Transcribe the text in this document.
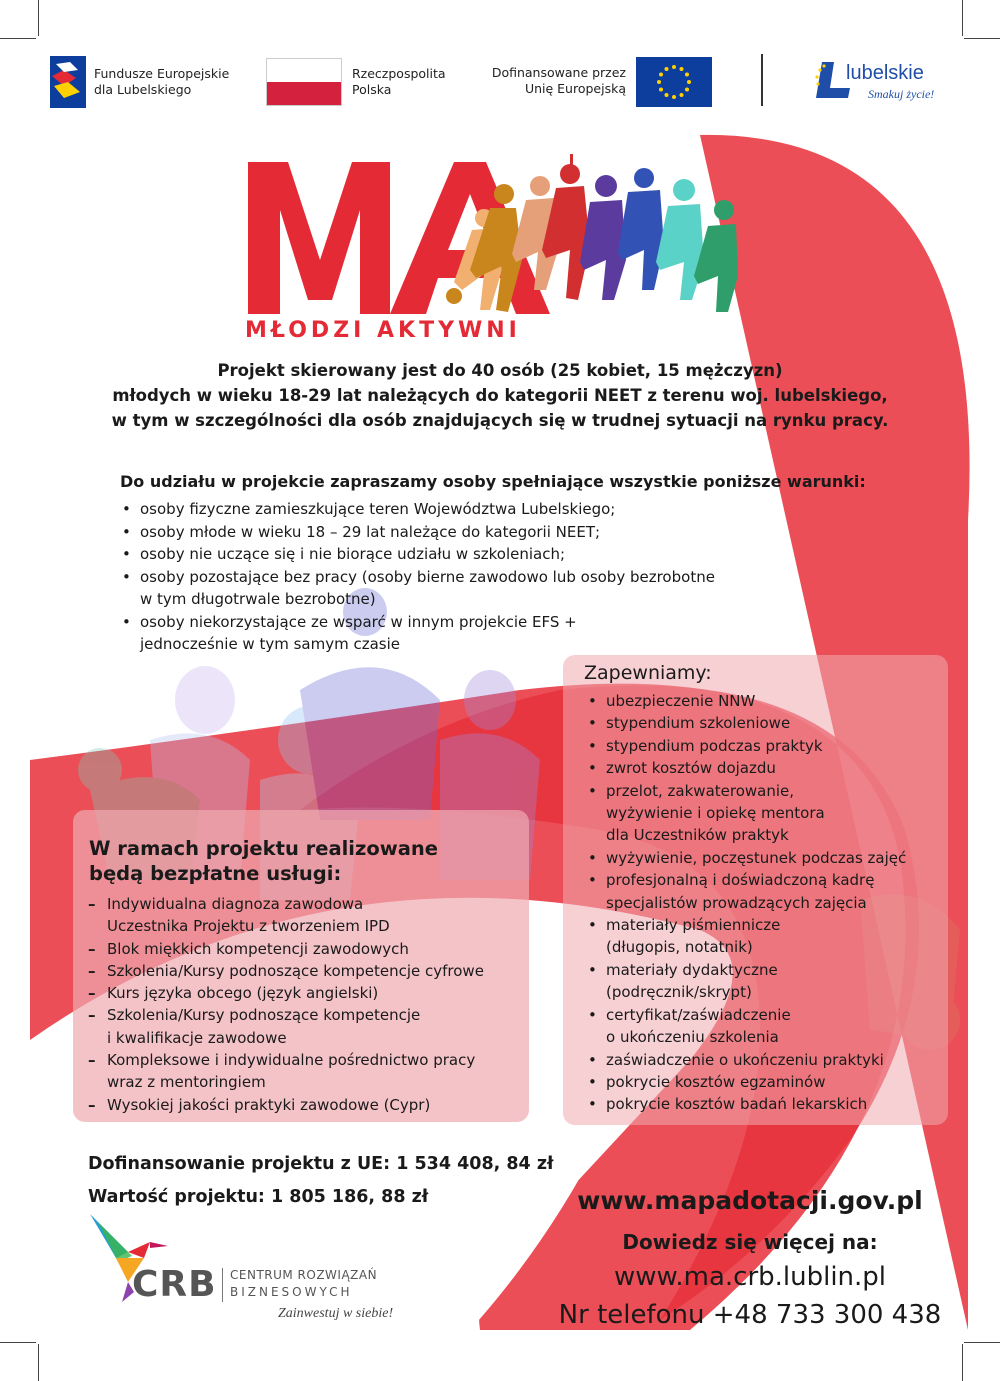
Fundusze Europejskie
dla Lubelskiego
Rzeczpospolita
Polska
Dofinansowane przez
Unię Europejską
lubelskie
Smakuj życie!
MŁODZI AKTYWNI
Projekt skierowany jest do 40 osób (25 kobiet, 15 mężczyzn)
młodych w wieku 18-29 lat należących do kategorii NEET z terenu woj. lubelskiego,
w tym w szczególności dla osób znajdujących się w trudnej sytuacji na rynku pracy.
Do udziału w projekcie zapraszamy osoby spełniające wszystkie poniższe warunki:
• osoby fizyczne zamieszkujące teren Województwa Lubelskiego;
• osoby młode w wieku 18 – 29 lat należące do kategorii NEET;
• osoby nie uczące się i nie biorące udziału w szkoleniach;
• osoby pozostające bez pracy (osoby bierne zawodowo lub osoby bezrobotne
w tym długotrwale bezrobotne)
• osoby niekorzystające ze wsparć w innym projekcie EFS +
jednocześnie w tym samym czasie
Zapewniamy:
• ubezpieczenie NNW
• stypendium szkoleniowe
• stypendium podczas praktyk
• zwrot kosztów dojazdu
• przelot, zakwaterowanie,
wyżywienie i opiekę mentora
dla Uczestników praktyk
• wyżywienie, poczęstunek podczas zajęć
• profesjonalną i doświadczoną kadrę
specjalistów prowadzących zajęcia
• materiały piśmiennicze
(długopis, notatnik)
• materiały dydaktyczne
(podręcznik/skrypt)
• certyfikat/zaświadczenie
o ukończeniu szkolenia
• zaświadczenie o ukończeniu praktyki
• pokrycie kosztów egzaminów
• pokrycie kosztów badań lekarskich
W ramach projektu realizowane
będą bezpłatne usługi:
– Indywidualna diagnoza zawodowa
Uczestnika Projektu z tworzeniem IPD
– Blok miękkich kompetencji zawodowych
– Szkolenia/Kursy podnoszące kompetencje cyfrowe
– Kurs języka obcego (język angielski)
– Szkolenia/Kursy podnoszące kompetencje
i kwalifikacje zawodowe
– Kompleksowe i indywidualne pośrednictwo pracy
wraz z mentoringiem
– Wysokiej jakości praktyki zawodowe (Cypr)
Dofinansowanie projektu z UE: 1 534 408, 84 zł
Wartość projektu: 1 805 186, 88 zł	www.mapadotacji.gov.pl
Dowiedz się więcej na:
www.ma.crb.lublin.pl
Nr telefonu +48 733 300 438
CRB CENTRUM ROZWIĄZAŃ
BIZNESOWYCH
Zainwestuj w siebie!
